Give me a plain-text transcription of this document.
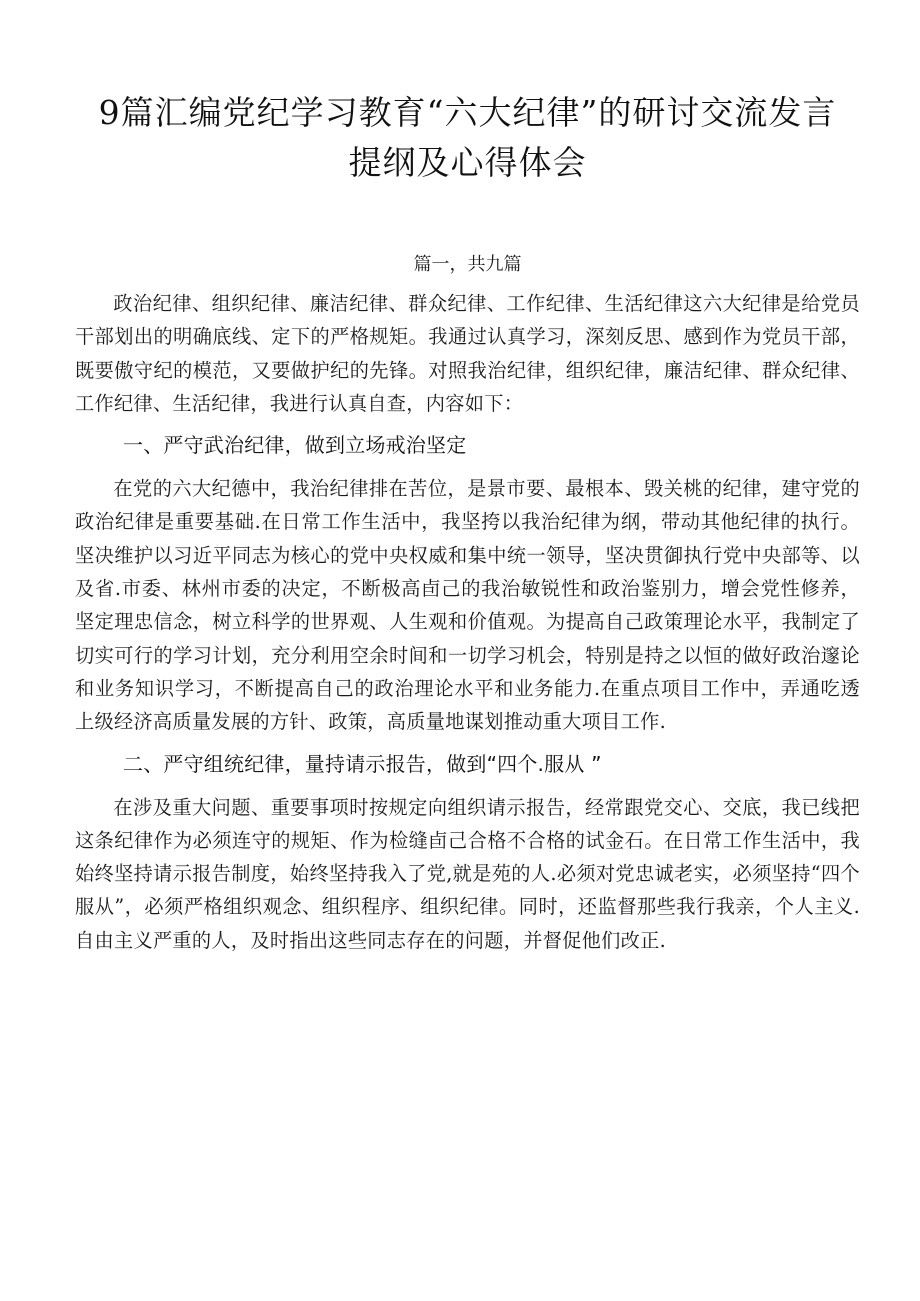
9篇汇编党纪学习教育“六大纪律”的研讨交流发言
提纲及心得体会

篇一，共九篇

政治纪律、组织纪律、廉洁纪律、群众纪律、工作纪律、生活纪律这六大纪律是给党员干部划出的明确底线、定下的严格规矩。我通过认真学习，深刻反思、感到作为党员干部，既要傲守纪的模范，又要做护纪的先锋。对照我治纪律，组织纪律，廉洁纪律、群众纪律、工作纪律、生活纪律，我进行认真自查，内容如下：

一、严守武治纪律，做到立场戒治坚定

在党的六大纪德中，我治纪律排在苦位，是景市要、最根本、毁关桃的纪律，建守党的政治纪律是重要基础.在日常工作生活中，我坚挎以我治纪律为纲，带动其他纪律的执行。坚决维护以习近平同志为核心的党中央权威和集中统一领导，坚决贯御执行党中央部等、以及省.市委、林州市委的决定，不断极高卣己的我治敏锐性和政治鉴别力，增会党性修养，坚定理忠信念，树立科学的世界观、人生观和价值观。为提高自己政策理论水平，我制定了切实可行的学习计划，充分利用空余时间和一切学习机会，特别是持之以恒的做好政治邃论和业务知识学习，不断提高自己的政治理论水平和业务能力.在重点项目工作中，弄通吃透上级经济高质量发展的方针、政策，高质量地谋划推动重大项目工作.

二、严守组统纪律，量持请示报告，做到“四个.服从 ”

在涉及重大问题、重要事项时按规定向组织请示报告，经常跟党交心、交底，我已线把这条纪律作为必须连守的规矩、作为检缝卣己合格不合格的试金石。在日常工作生活中，我始终坚持请示报告制度，始终坚持我入了党,就是苑的人.必须对党忠诚老实，必须坚持“四个服从”，必须严格组织观念、组织程序、组织纪律。同时，还监督那些我行我亲，个人主义.自由主义严重的人，及时指出这些同志存在的问题，并督促他们改正.
